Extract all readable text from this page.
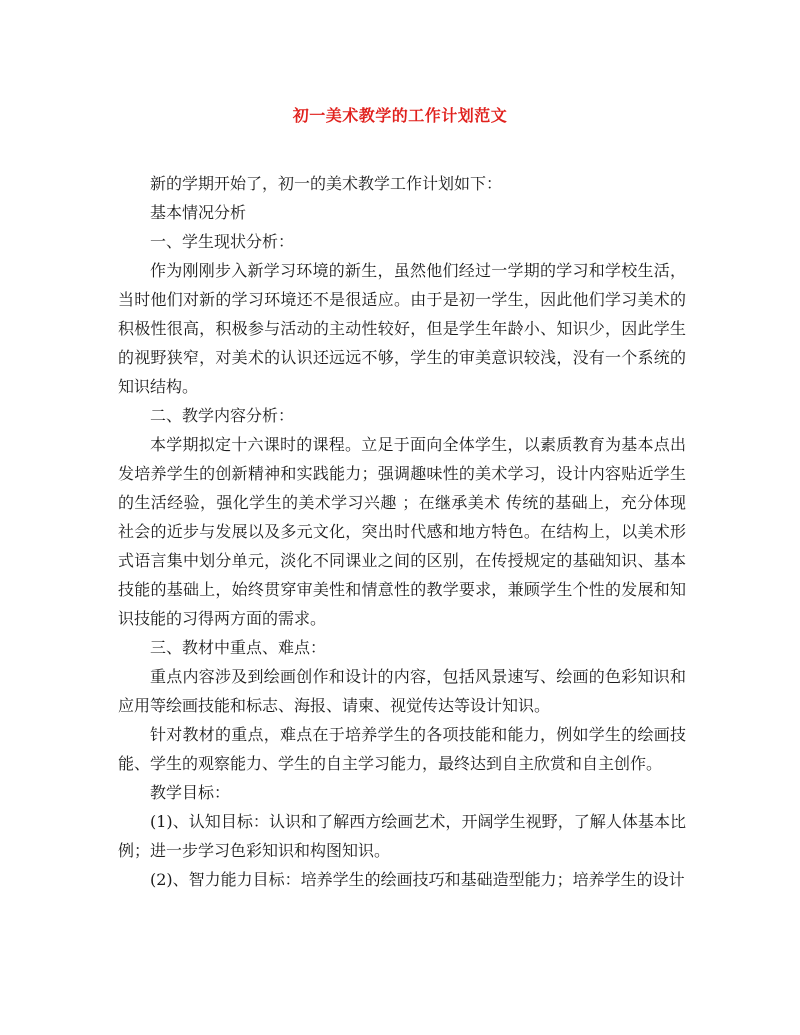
初一美术教学的工作计划范文

新的学期开始了，初一的美术教学工作计划如下：

基本情况分析

一、学生现状分析：

作为刚刚步入新学习环境的新生，虽然他们经过一学期的学习和学校生活，当时他们对新的学习环境还不是很适应。由于是初一学生，因此他们学习美术的积极性很高，积极参与活动的主动性较好，但是学生年龄小、知识少，因此学生的视野狭窄，对美术的认识还远远不够，学生的审美意识较浅，没有一个系统的知识结构。

二、教学内容分析：

本学期拟定十六课时的课程。立足于面向全体学生，以素质教育为基本点出发培养学生的创新精神和实践能力；强调趣味性的美术学习，设计内容贴近学生的生活经验，强化学生的美术学习兴趣 ；在继承美术 传统的基础上，充分体现社会的近步与发展以及多元文化，突出时代感和地方特色。在结构上，以美术形式语言集中划分单元，淡化不同课业之间的区别，在传授规定的基础知识、基本技能的基础上，始终贯穿审美性和情意性的教学要求，兼顾学生个性的发展和知识技能的习得两方面的需求。

三、教材中重点、难点：

重点内容涉及到绘画创作和设计的内容，包括风景速写、绘画的色彩知识和应用等绘画技能和标志、海报、请柬、视觉传达等设计知识。

针对教材的重点，难点在于培养学生的各项技能和能力，例如学生的绘画技能、学生的观察能力、学生的自主学习能力，最终达到自主欣赏和自主创作。

教学目标：

(1)、认知目标：认识和了解西方绘画艺术，开阔学生视野，了解人体基本比例；进一步学习色彩知识和构图知识。

(2)、智力能力目标：培养学生的绘画技巧和基础造型能力；培养学生的设计
